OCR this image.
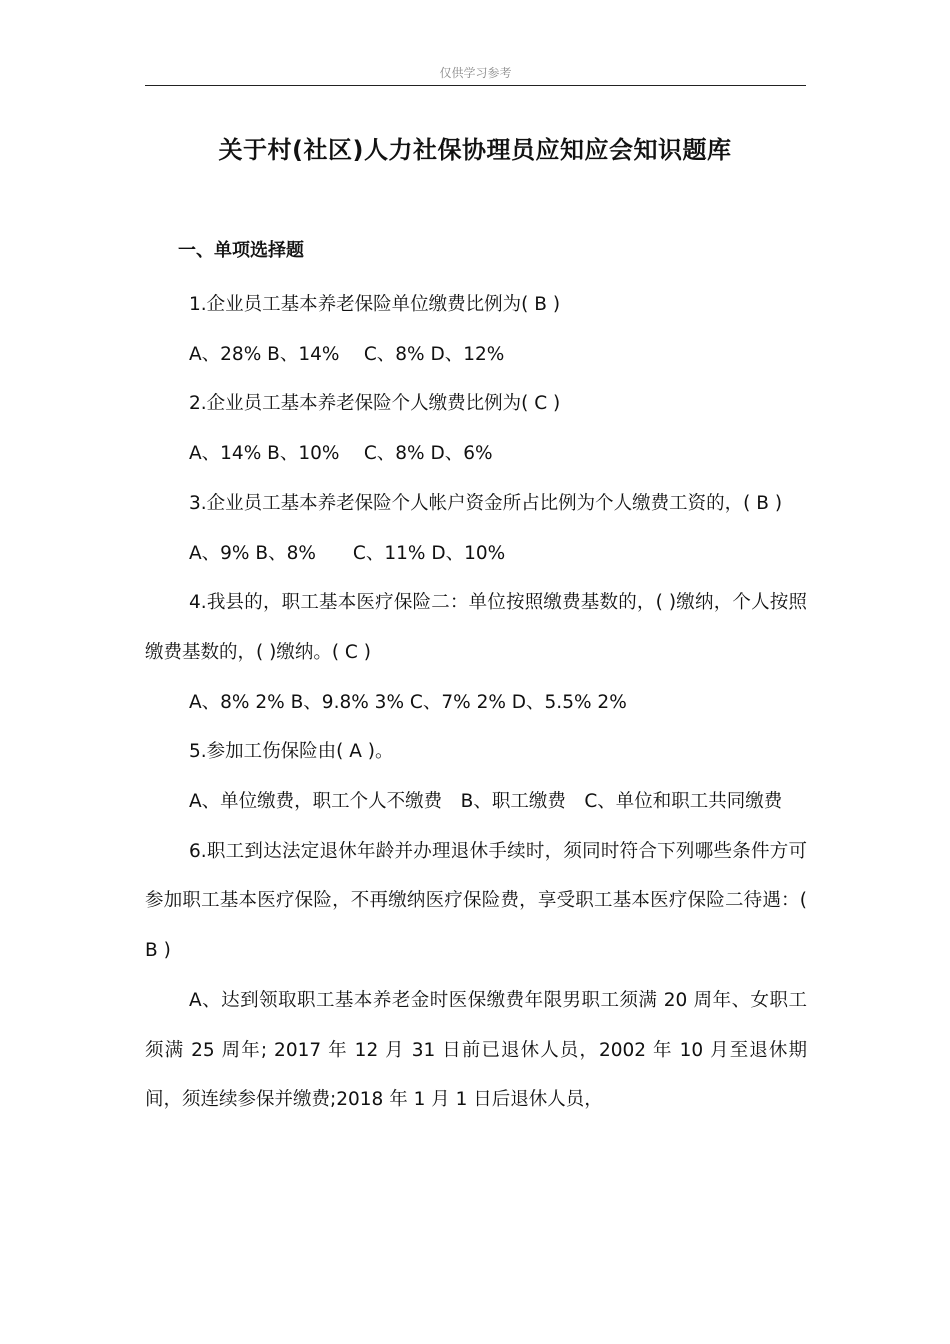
仅供学习参考
关于村(社区)人力社保协理员应知应会知识题库
一、单项选择题

1.企业员工基本养老保险单位缴费比例为( B )

A、28% B、14%　 C、8% D、12%

2.企业员工基本养老保险个人缴费比例为( C )

A、14% B、10%　 C、8% D、6%

3.企业员工基本养老保险个人帐户资金所占比例为个人缴费工资的，( B )

A、9% B、8%　　C、11% D、10%

4.我县的，职工基本医疗保险二：单位按照缴费基数的，( )缴纳，个人按照缴费基数的，( )缴纳。( C )

A、8% 2% B、9.8% 3% C、7% 2% D、5.5% 2%

5.参加工伤保险由( A )。

A、单位缴费，职工个人不缴费　B、职工缴费　C、单位和职工共同缴费

6.职工到达法定退休年龄并办理退休手续时，须同时符合下列哪些条件方可参加职工基本医疗保险，不再缴纳医疗保险费，享受职工基本医疗保险二待遇：( B )

A、达到领取职工基本养老金时医保缴费年限男职工须满 20 周年、女职工须满 25 周年; 2017 年 12 月 31 日前已退休人员，2002 年 10 月至退休期间，须连续参保并缴费;2018 年 1 月 1 日后退休人员，
